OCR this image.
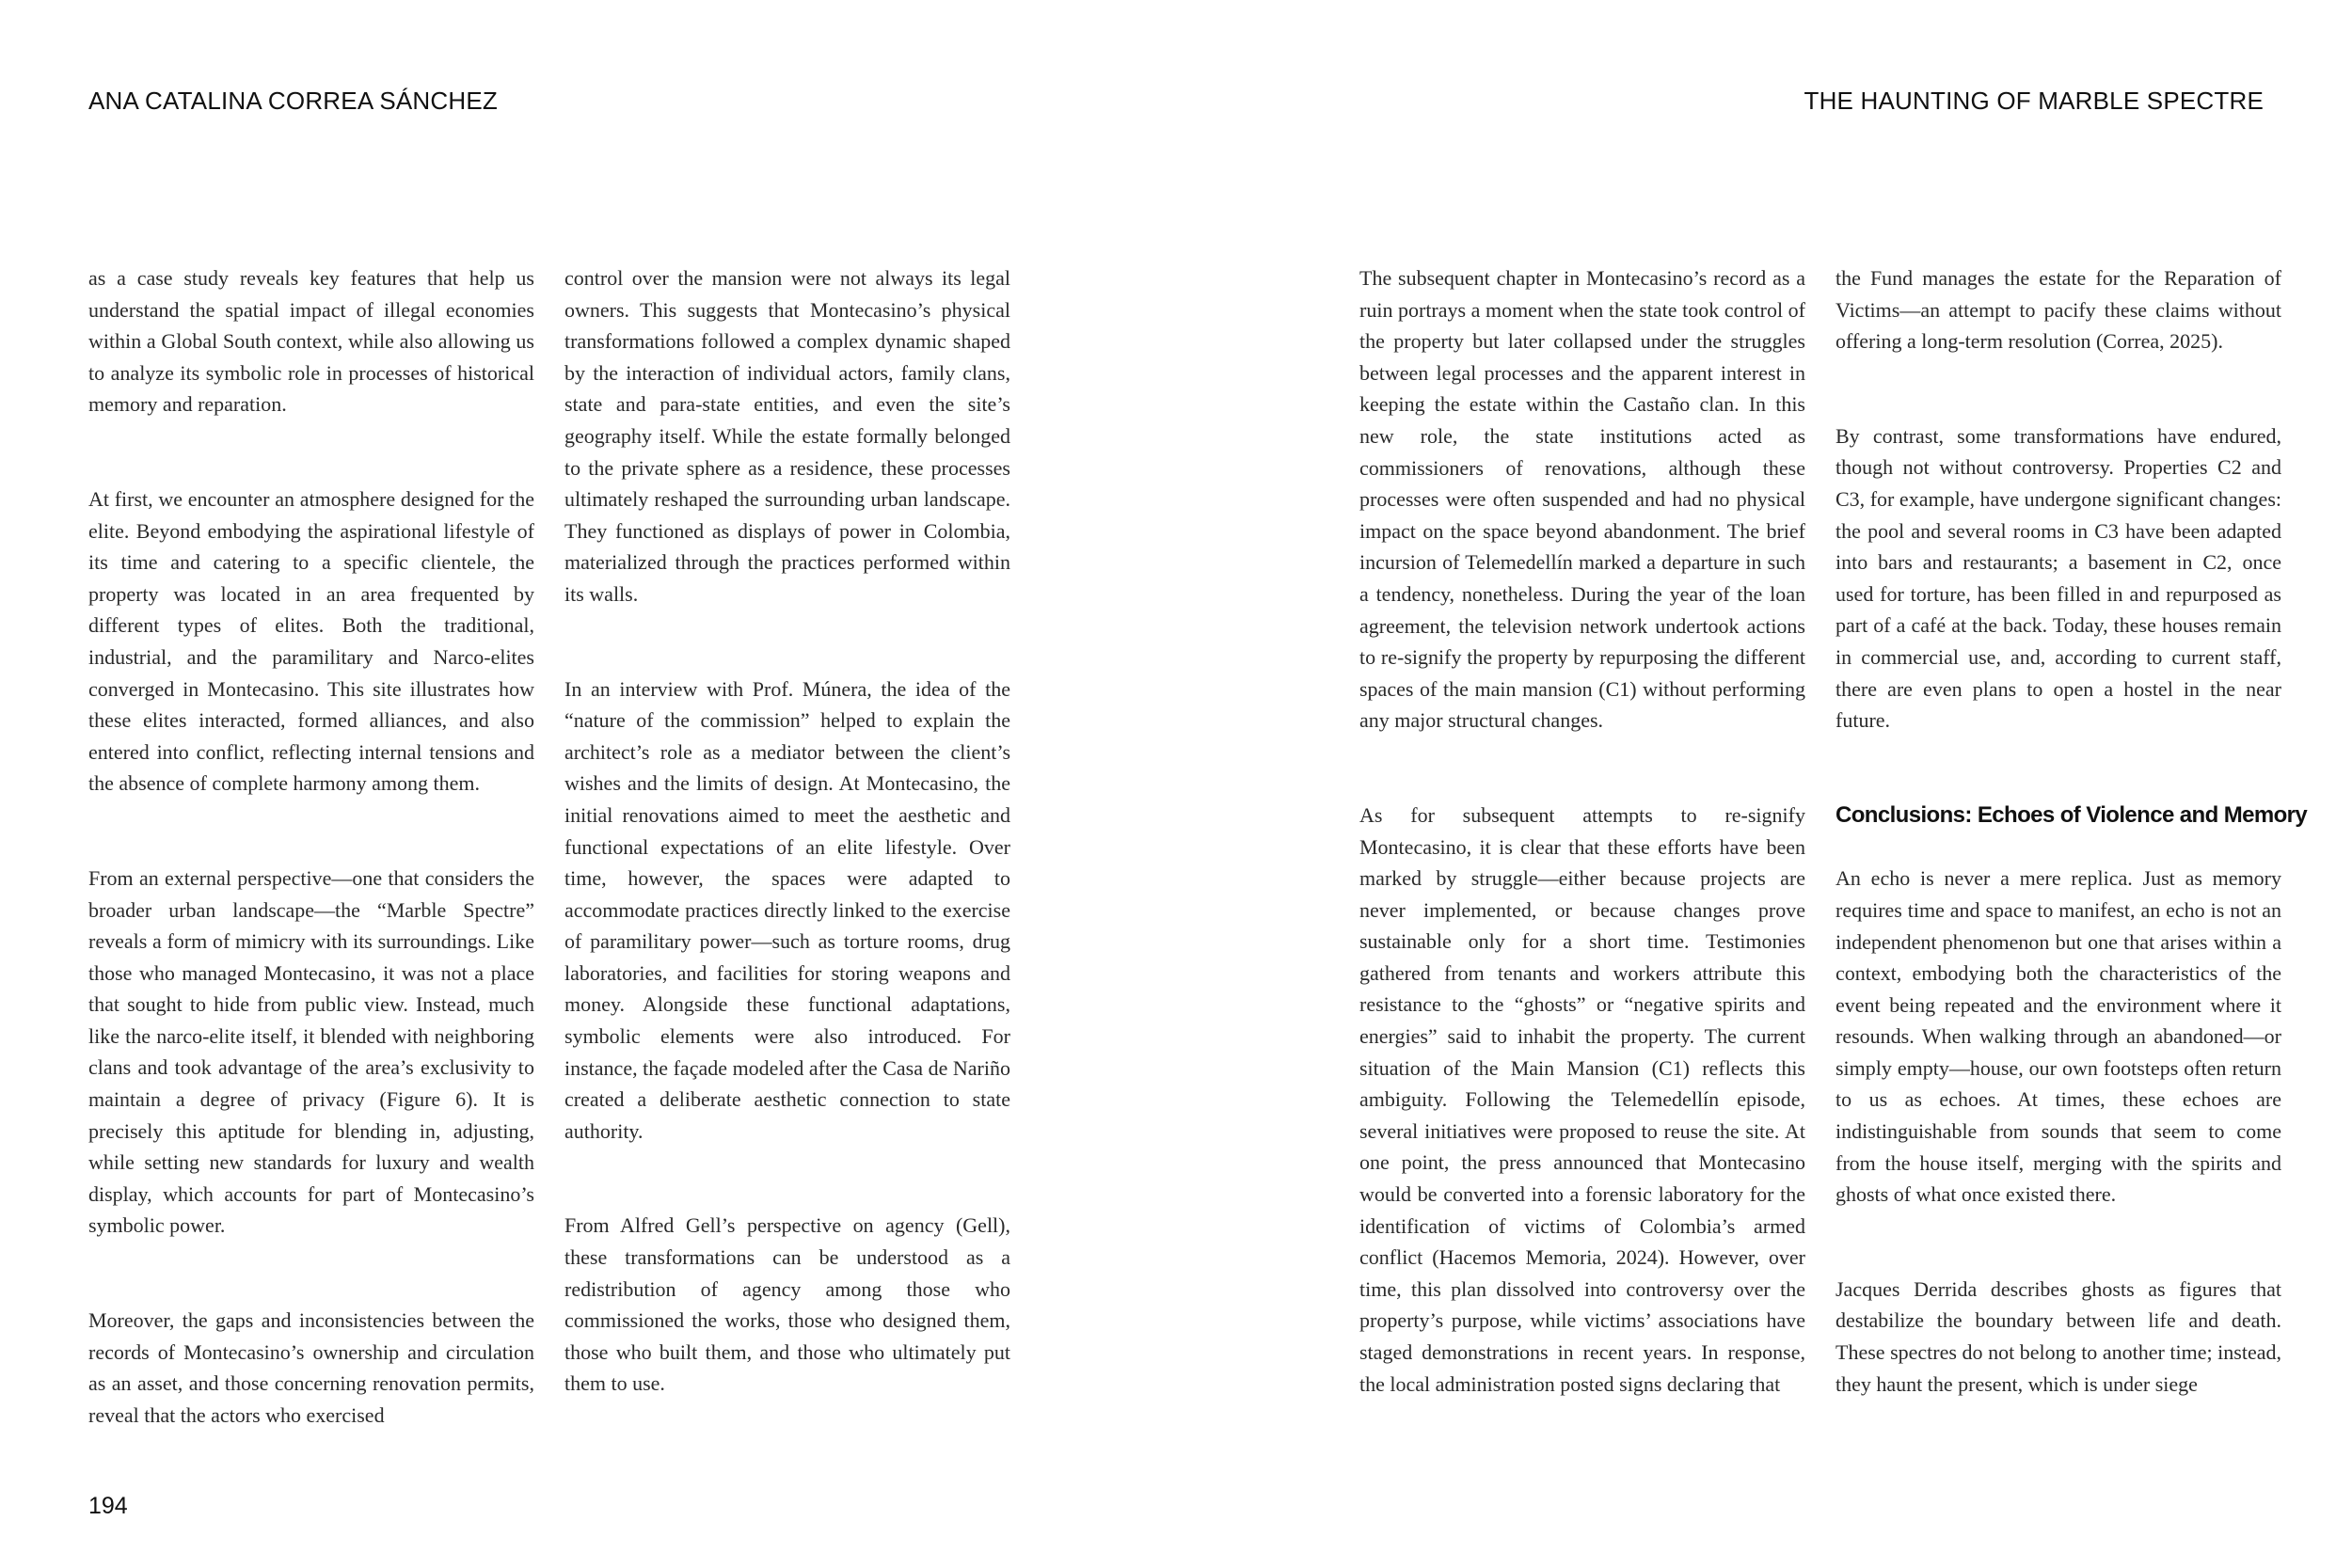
ANA CATALINA CORREA SÁNCHEZ

as a case study reveals key features that help us understand the spatial impact of illegal economies within a Global South context, while also allowing us to analyze its symbolic role in processes of historical memory and reparation.

At first, we encounter an atmosphere designed for the elite. Beyond embodying the aspirational lifestyle of its time and catering to a specific clientele, the property was located in an area frequented by different types of elites. Both the traditional, industrial, and the paramilitary and Narco-elites converged in Montecasino. This site illustrates how these elites interacted, formed alliances, and also entered into conflict, reflecting internal tensions and the absence of complete harmony among them.

From an external perspective—one that considers the broader urban landscape—the “Marble Spectre” reveals a form of mimicry with its surroundings. Like those who managed Montecasino, it was not a place that sought to hide from public view. Instead, much like the narco-elite itself, it blended with neighboring clans and took advantage of the area’s exclusivity to maintain a degree of privacy (Figure 6). It is precisely this aptitude for blending in, adjusting, while setting new standards for luxury and wealth display, which accounts for part of Montecasino’s symbolic power.

Moreover, the gaps and inconsistencies between the records of Montecasino’s ownership and circulation as an asset, and those concerning renovation permits, reveal that the actors who exercised

control over the mansion were not always its legal owners. This suggests that Montecasino’s physical transformations followed a complex dynamic shaped by the interaction of individual actors, family clans, state and para-state entities, and even the site’s geography itself. While the estate formally belonged to the private sphere as a residence, these processes ultimately reshaped the surrounding urban landscape. They functioned as displays of power in Colombia, materialized through the practices performed within its walls.

In an interview with Prof. Múnera, the idea of the “nature of the commission” helped to explain the architect’s role as a mediator between the client’s wishes and the limits of design. At Montecasino, the initial renovations aimed to meet the aesthetic and functional expectations of an elite lifestyle. Over time, however, the spaces were adapted to accommodate practices directly linked to the exercise of paramilitary power—such as torture rooms, drug laboratories, and facilities for storing weapons and money. Alongside these functional adaptations, symbolic elements were also introduced. For instance, the façade modeled after the Casa de Nariño created a deliberate aesthetic connection to state authority.

From Alfred Gell’s perspective on agency (Gell), these transformations can be understood as a redistribution of agency among those who commissioned the works, those who designed them, those who built them, and those who ultimately put them to use.

194
THE HAUNTING OF MARBLE SPECTRE

The subsequent chapter in Montecasino’s record as a ruin portrays a moment when the state took control of the property but later collapsed under the struggles between legal processes and the apparent interest in keeping the estate within the Castaño clan. In this new role, the state institutions acted as commissioners of renovations, although these processes were often suspended and had no physical impact on the space beyond abandonment. The brief incursion of Telemedellín marked a departure in such a tendency, nonetheless. During the year of the loan agreement, the television network undertook actions to re-signify the property by repurposing the different spaces of the main mansion (C1) without performing any major structural changes.

As for subsequent attempts to re-signify Montecasino, it is clear that these efforts have been marked by struggle—either because projects are never implemented, or because changes prove sustainable only for a short time. Testimonies gathered from tenants and workers attribute this resistance to the “ghosts” or “negative spirits and energies” said to inhabit the property. The current situation of the Main Mansion (C1) reflects this ambiguity. Following the Telemedellín episode, several initiatives were proposed to reuse the site. At one point, the press announced that Montecasino would be converted into a forensic laboratory for the identification of victims of Colombia’s armed conflict (Hacemos Memoria, 2024). However, over time, this plan dissolved into controversy over the property’s purpose, while victims’ associations have staged demonstrations in recent years. In response, the local administration posted signs declaring that

the Fund manages the estate for the Reparation of Victims—an attempt to pacify these claims without offering a long-term resolution (Correa, 2025).

By contrast, some transformations have endured, though not without controversy. Properties C2 and C3, for example, have undergone significant changes: the pool and several rooms in C3 have been adapted into bars and restaurants; a basement in C2, once used for torture, has been filled in and repurposed as part of a café at the back. Today, these houses remain in commercial use, and, according to current staff, there are even plans to open a hostel in the near future.

Conclusions: Echoes of Violence and Memory

An echo is never a mere replica. Just as memory requires time and space to manifest, an echo is not an independent phenomenon but one that arises within a context, embodying both the characteristics of the event being repeated and the environment where it resounds. When walking through an abandoned—or simply empty—house, our own footsteps often return to us as echoes. At times, these echoes are indistinguishable from sounds that seem to come from the house itself, merging with the spirits and ghosts of what once existed there.

Jacques Derrida describes ghosts as figures that destabilize the boundary between life and death. These spectres do not belong to another time; instead, they haunt the present, which is under siege
